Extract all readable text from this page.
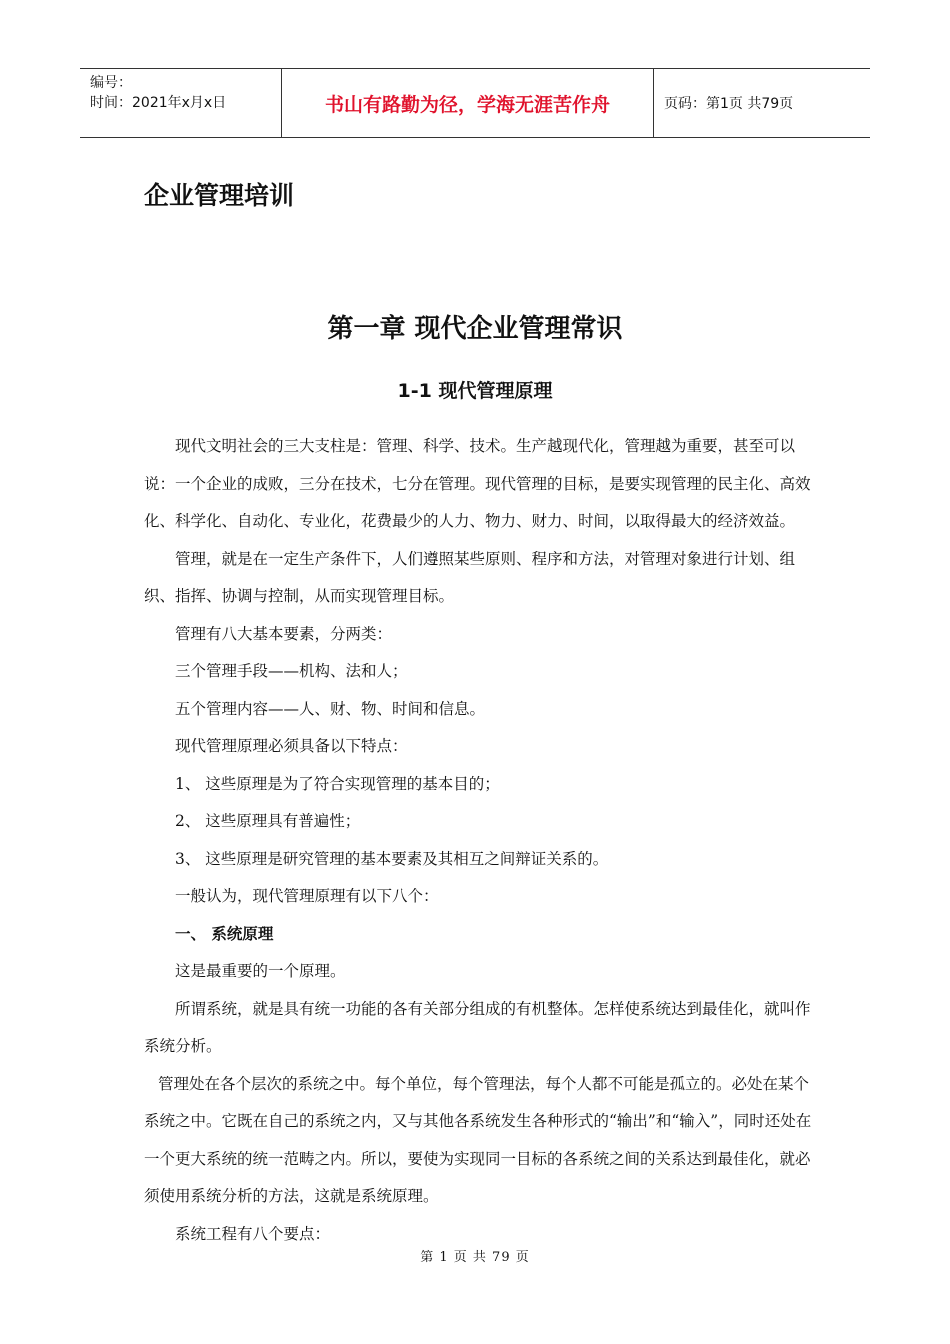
编号：
时间：2021年x月x日	书山有路勤为径，学海无涯苦作舟	页码：第1页 共79页
企业管理培训
第一章 现代企业管理常识
1-1 现代管理原理

现代文明社会的三大支柱是：管理、科学、技术。生产越现代化，管理越为重要，甚至可以说：一个企业的成败，三分在技术，七分在管理。现代管理的目标，是要实现管理的民主化、高效化、科学化、自动化、专业化，花费最少的人力、物力、财力、时间，以取得最大的经济效益。

管理，就是在一定生产条件下，人们遵照某些原则、程序和方法，对管理对象进行计划、组织、指挥、协调与控制，从而实现管理目标。

管理有八大基本要素，分两类：

三个管理手段——机构、法和人；

五个管理内容——人、财、物、时间和信息。

现代管理原理必须具备以下特点：

1、 这些原理是为了符合实现管理的基本目的；

2、 这些原理具有普遍性；

3、 这些原理是研究管理的基本要素及其相互之间辩证关系的。

一般认为，现代管理原理有以下八个：

一、 系统原理

这是最重要的一个原理。

所谓系统，就是具有统一功能的各有关部分组成的有机整体。怎样使系统达到最佳化，就叫作系统分析。

管理处在各个层次的系统之中。每个单位，每个管理法，每个人都不可能是孤立的。必处在某个系统之中。它既在自己的系统之内，又与其他各系统发生各种形式的“输出”和“输入”，同时还处在一个更大系统的统一范畴之内。所以，要使为实现同一目标的各系统之间的关系达到最佳化，就必须使用系统分析的方法，这就是系统原理。

系统工程有八个要点：

第 1 页 共 79 页
